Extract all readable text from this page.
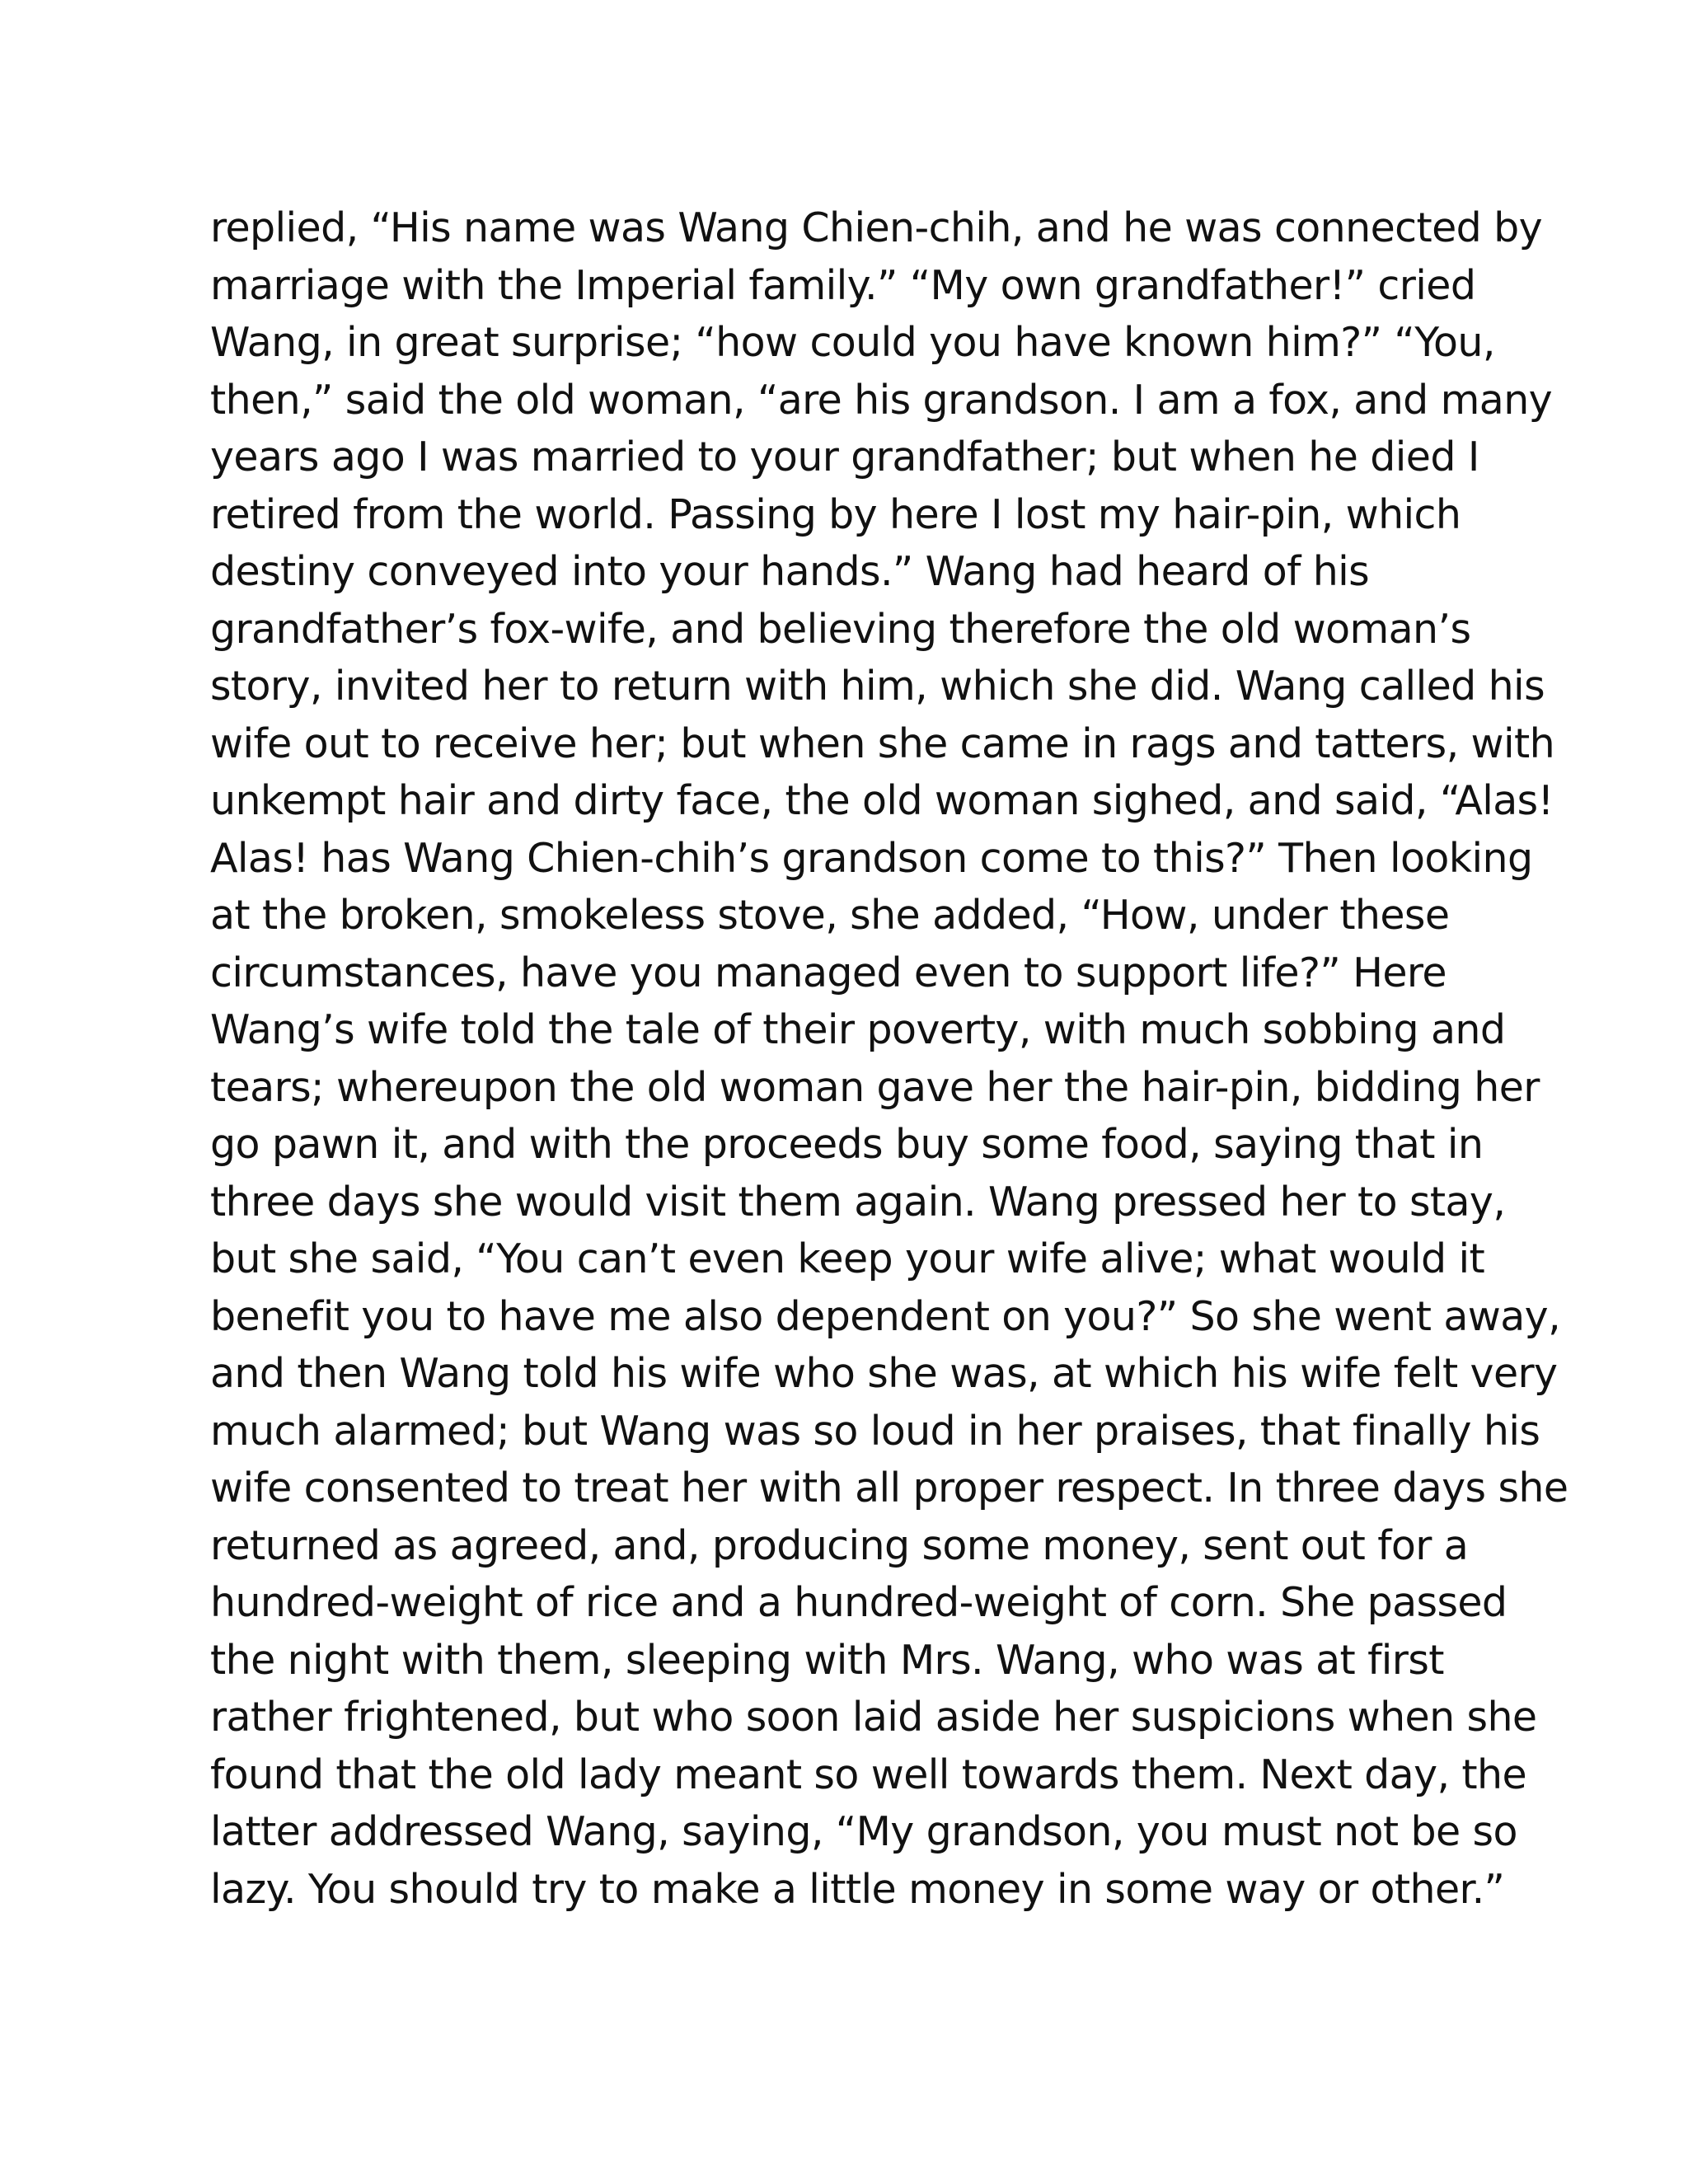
replied, “His name was Wang Chien-chih, and he was connected by
marriage with the Imperial family.” “My own grandfather!” cried
Wang, in great surprise; “how could you have known him?” “You,
then,” said the old woman, “are his grandson. I am a fox, and many
years ago I was married to your grandfather; but when he died I
retired from the world. Passing by here I lost my hair-pin, which
destiny conveyed into your hands.” Wang had heard of his
grandfather’s fox-wife, and believing therefore the old woman’s
story, invited her to return with him, which she did. Wang called his
wife out to receive her; but when she came in rags and tatters, with
unkempt hair and dirty face, the old woman sighed, and said, “Alas!
Alas! has Wang Chien-chih’s grandson come to this?” Then looking
at the broken, smokeless stove, she added, “How, under these
circumstances, have you managed even to support life?” Here
Wang’s wife told the tale of their poverty, with much sobbing and
tears; whereupon the old woman gave her the hair-pin, bidding her
go pawn it, and with the proceeds buy some food, saying that in
three days she would visit them again. Wang pressed her to stay,
but she said, “You can’t even keep your wife alive; what would it
benefit you to have me also dependent on you?” So she went away,
and then Wang told his wife who she was, at which his wife felt very
much alarmed; but Wang was so loud in her praises, that finally his
wife consented to treat her with all proper respect. In three days she
returned as agreed, and, producing some money, sent out for a
hundred-weight of rice and a hundred-weight of corn. She passed
the night with them, sleeping with Mrs. Wang, who was at first
rather frightened, but who soon laid aside her suspicions when she
found that the old lady meant so well towards them. Next day, the
latter addressed Wang, saying, “My grandson, you must not be so
lazy. You should try to make a little money in some way or other.”
